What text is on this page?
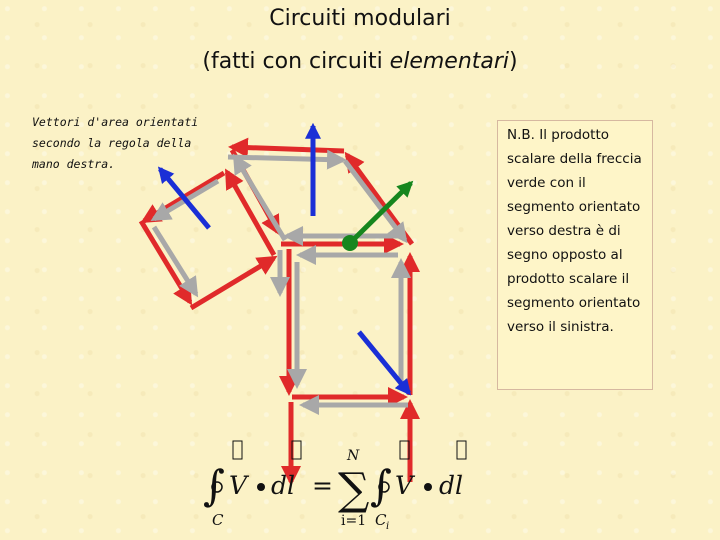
Circuiti modulari
(fatti con circuiti elementari)
Vettori d'area orientati secondo la regola della mano destra.
N.B. Il prodotto scalare della freccia verde con il segmento orientato verso destra è di segno opposto al prodotto scalare il segmento orientato verso il sinistra.
∫ V dl
C
=
N
∑
i=1
∫ V dl
C i
